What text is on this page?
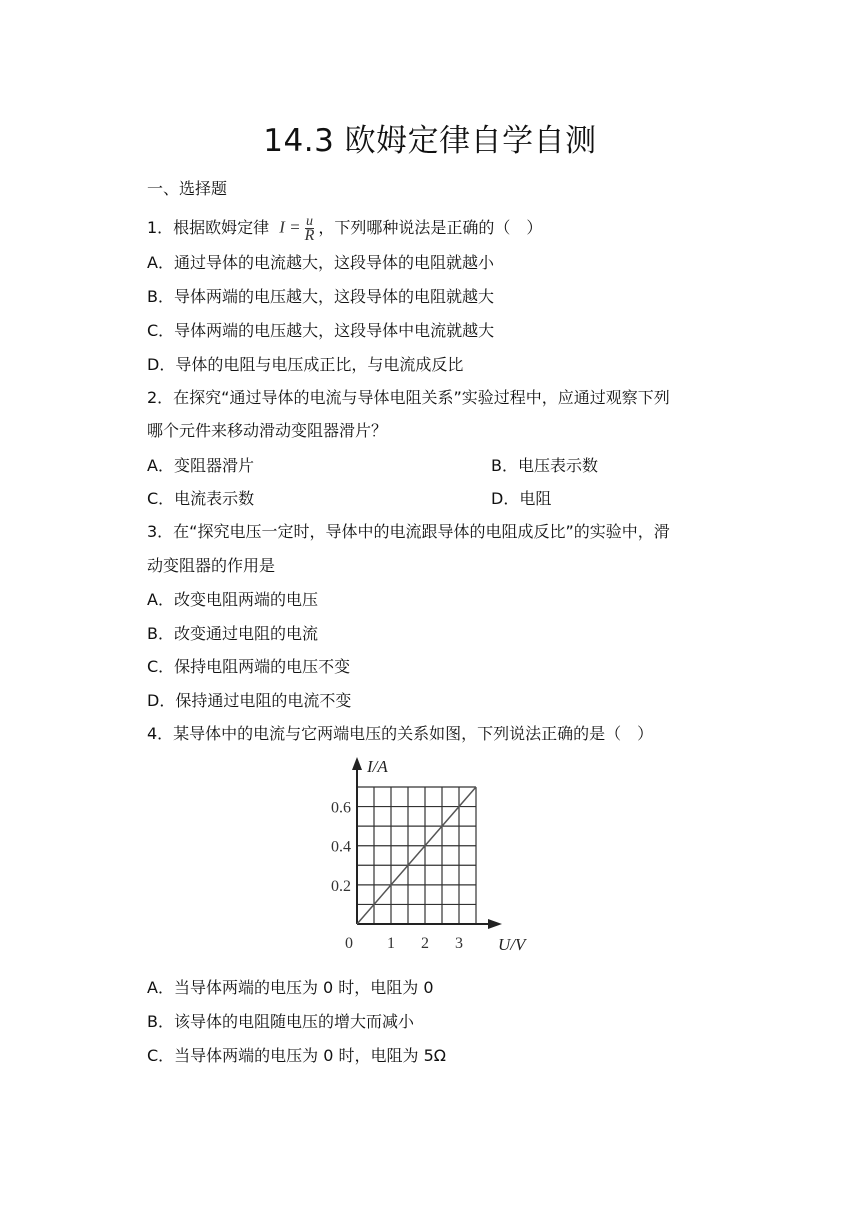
14.3 欧姆定律自学自测
一、选择题
1．根据欧姆定律 $I = \frac{u}{R}$ ，下列哪种说法是正确的（　）
A．通过导体的电流越大，这段导体的电阻就越小
B．导体两端的电压越大，这段导体的电阻就越大
C．导体两端的电压越大，这段导体中电流就越大
D．导体的电阻与电压成正比，与电流成反比
2．在探究“通过导体的电流与导体电阻关系”实验过程中，应通过观察下列
哪个元件来移动滑动变阻器滑片？
A．变阻器滑片	B．电压表示数
C．电流表示数	D．电阻
3．在“探究电压一定时，导体中的电流跟导体的电阻成反比”的实验中，滑
动变阻器的作用是
A．改变电阻两端的电压
B．改变通过电阻的电流
C．保持电阻两端的电压不变
D．保持通过电阻的电流不变
4．某导体中的电流与它两端电压的关系如图，下列说法正确的是（　）
0 1 2 3
0.2
0.4
0.6
I/A
U/V
A．当导体两端的电压为 0 时，电阻为 0
B．该导体的电阻随电压的增大而减小
C．当导体两端的电压为 0 时，电阻为 5Ω
